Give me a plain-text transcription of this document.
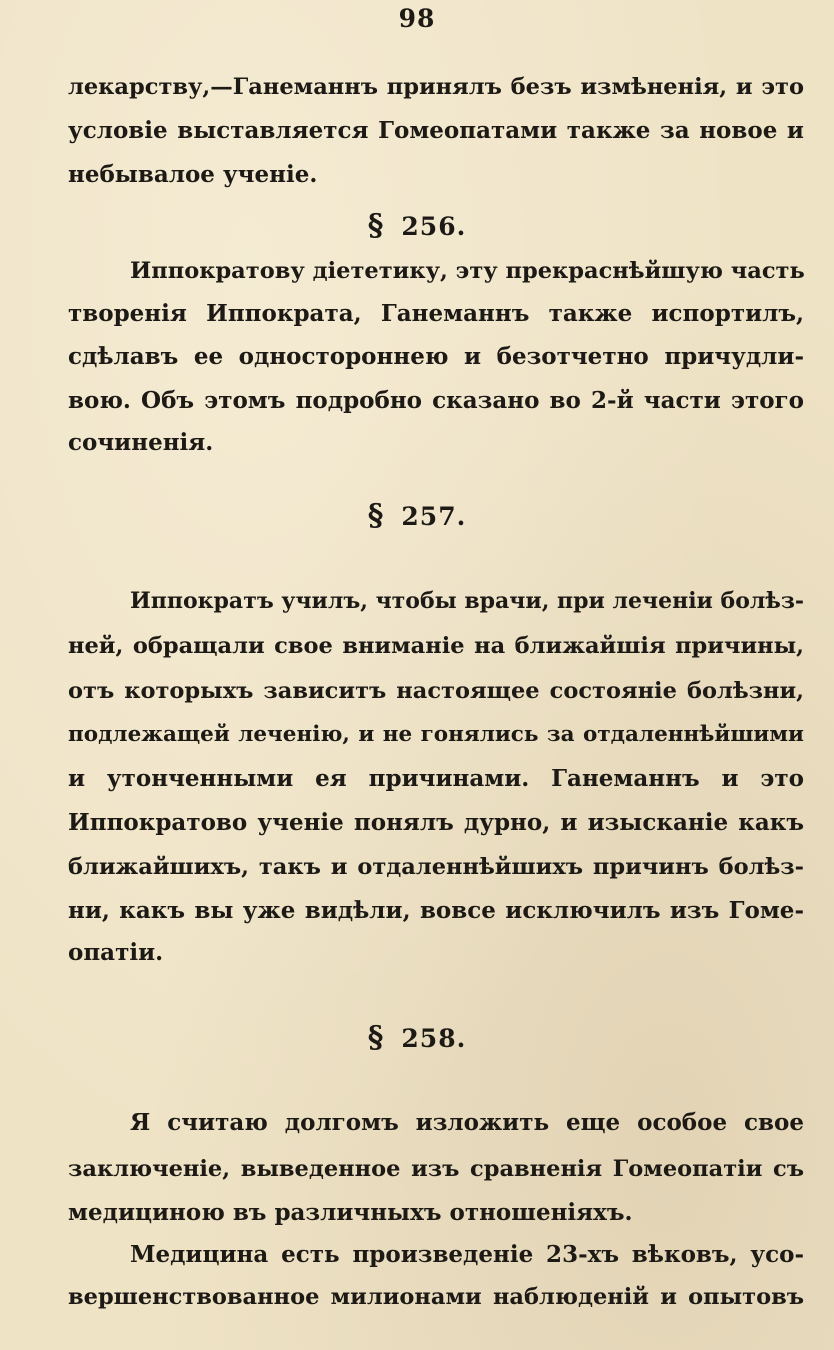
98
лекарству,—Ганеманнъ принялъ безъ измѣненія, и это
условіе выставляется Гомеопатами также за новое и
небывалое ученіе.
§ 256.
Иппократову діететику, эту прекраснѣйшую часть
творенія Иппократа, Ганеманнъ также испортилъ,
сдѣлавъ ее одностороннею и безотчетно причудли-
вою. Объ этомъ подробно сказано во 2-й части этого
сочиненія.
§ 257.
Иппократъ училъ, чтобы врачи, при леченіи болѣз-
ней, обращали свое вниманіе на ближайшія причины,
отъ которыхъ зависитъ настоящее состояніе болѣзни,
подлежащей леченію, и не гонялись за отдаленнѣйшими
и утонченными ея причинами. Ганеманнъ и это
Иппократово ученіе понялъ дурно, и изысканіе какъ
ближайшихъ, такъ и отдаленнѣйшихъ причинъ болѣз-
ни, какъ вы уже видѣли, вовсе исключилъ изъ Гоме-
опатіи.
§ 258.
Я считаю долгомъ изложить еще особое свое
заключеніе, выведенное изъ сравненія Гомеопатіи съ
медициною въ различныхъ отношеніяхъ.
Медицина есть произведеніе 23-хъ вѣковъ, усо-
вершенствованное милионами наблюденій и опытовъ
